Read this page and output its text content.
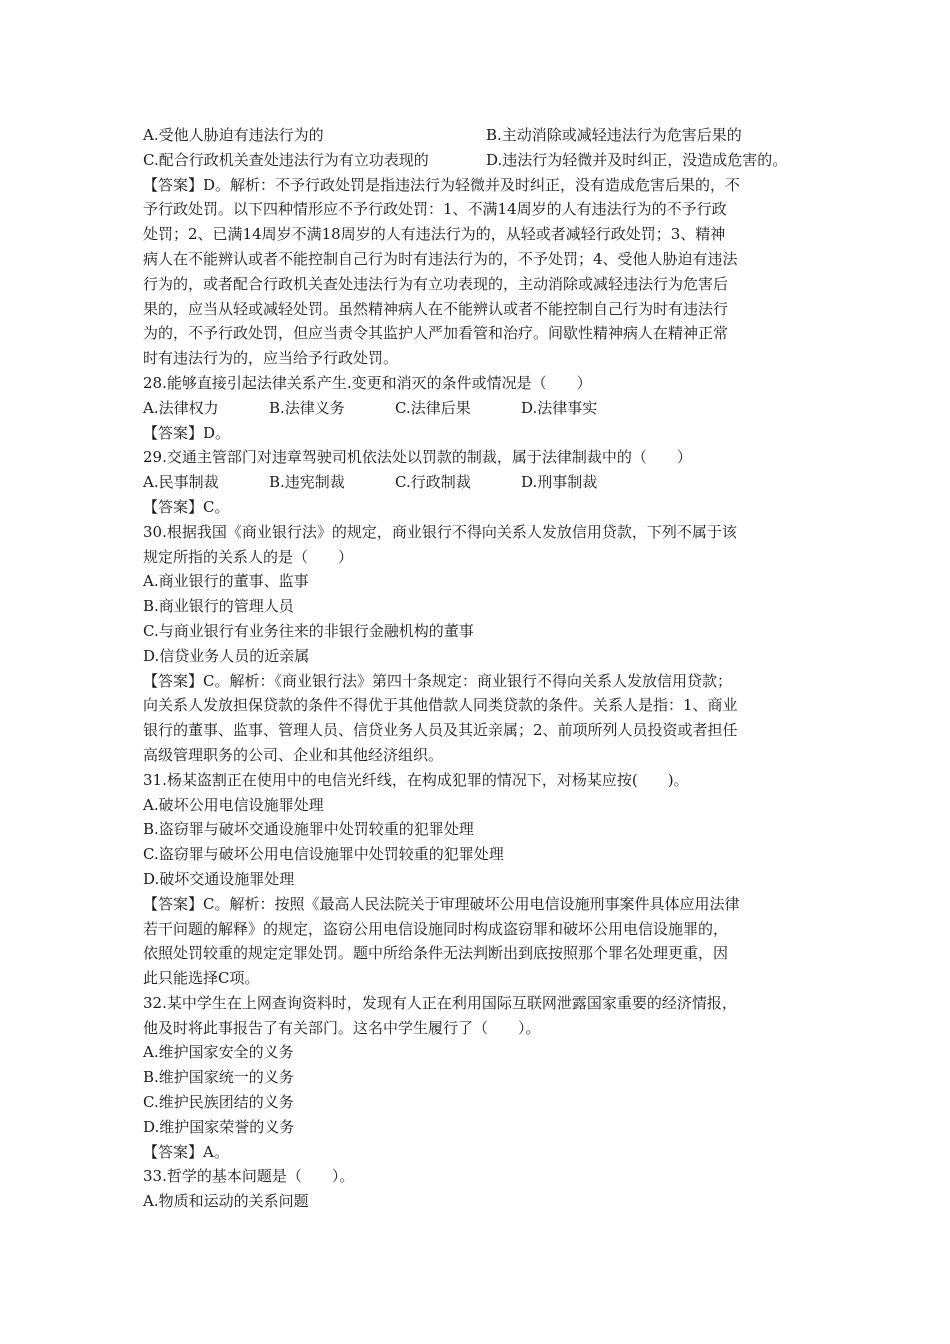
A.受他人胁迫有违法行为的	B.主动消除或减轻违法行为危害后果的
C.配合行政机关查处违法行为有立功表现的	D.违法行为轻微并及时纠正，没造成危害的。
【答案】D。解析：不予行政处罚是指违法行为轻微并及时纠正，没有造成危害后果的，不
予行政处罚。以下四种情形应不予行政处罚：1、不满14周岁的人有违法行为的不予行政
处罚；2、已满14周岁不满18周岁的人有违法行为的，从轻或者减轻行政处罚；3、精神
病人在不能辨认或者不能控制自己行为时有违法行为的，不予处罚；4、受他人胁迫有违法
行为的，或者配合行政机关查处违法行为有立功表现的，主动消除或减轻违法行为危害后
果的，应当从轻或减轻处罚。虽然精神病人在不能辨认或者不能控制自己行为时有违法行
为的，不予行政处罚，但应当责令其监护人严加看管和治疗。间歇性精神病人在精神正常
时有违法行为的，应当给予行政处罚。
28.能够直接引起法律关系产生.变更和消灭的条件或情况是（　　）
A.法律权力	B.法律义务	C.法律后果	D.法律事实
【答案】D。
29.交通主管部门对违章驾驶司机依法处以罚款的制裁，属于法律制裁中的（　　）
A.民事制裁	B.违宪制裁	C.行政制裁	D.刑事制裁
【答案】C。
30.根据我国《商业银行法》的规定，商业银行不得向关系人发放信用贷款，下列不属于该
规定所指的关系人的是（　　）
A.商业银行的董事、监事
B.商业银行的管理人员
C.与商业银行有业务往来的非银行金融机构的董事
D.信贷业务人员的近亲属
【答案】C。解析：《商业银行法》第四十条规定：商业银行不得向关系人发放信用贷款；
向关系人发放担保贷款的条件不得优于其他借款人同类贷款的条件。关系人是指：1、商业
银行的董事、监事、管理人员、信贷业务人员及其近亲属；2、前项所列人员投资或者担任
高级管理职务的公司、企业和其他经济组织。
31.杨某盗割正在使用中的电信光纤线，在构成犯罪的情况下，对杨某应按(　　)。
A.破坏公用电信设施罪处理
B.盗窃罪与破坏交通设施罪中处罚较重的犯罪处理
C.盗窃罪与破坏公用电信设施罪中处罚较重的犯罪处理
D.破坏交通设施罪处理
【答案】C。解析：按照《最高人民法院关于审理破坏公用电信设施刑事案件具体应用法律
若干问题的解释》的规定，盗窃公用电信设施同时构成盗窃罪和破坏公用电信设施罪的，
依照处罚较重的规定定罪处罚。题中所给条件无法判断出到底按照那个罪名处理更重，因
此只能选择C项。
32.某中学生在上网查询资料时，发现有人正在利用国际互联网泄露国家重要的经济情报，
他及时将此事报告了有关部门。这名中学生履行了（　　）。
A.维护国家安全的义务
B.维护国家统一的义务
C.维护民族团结的义务
D.维护国家荣誉的义务
【答案】A。
33.哲学的基本问题是（　　）。
A.物质和运动的关系问题
